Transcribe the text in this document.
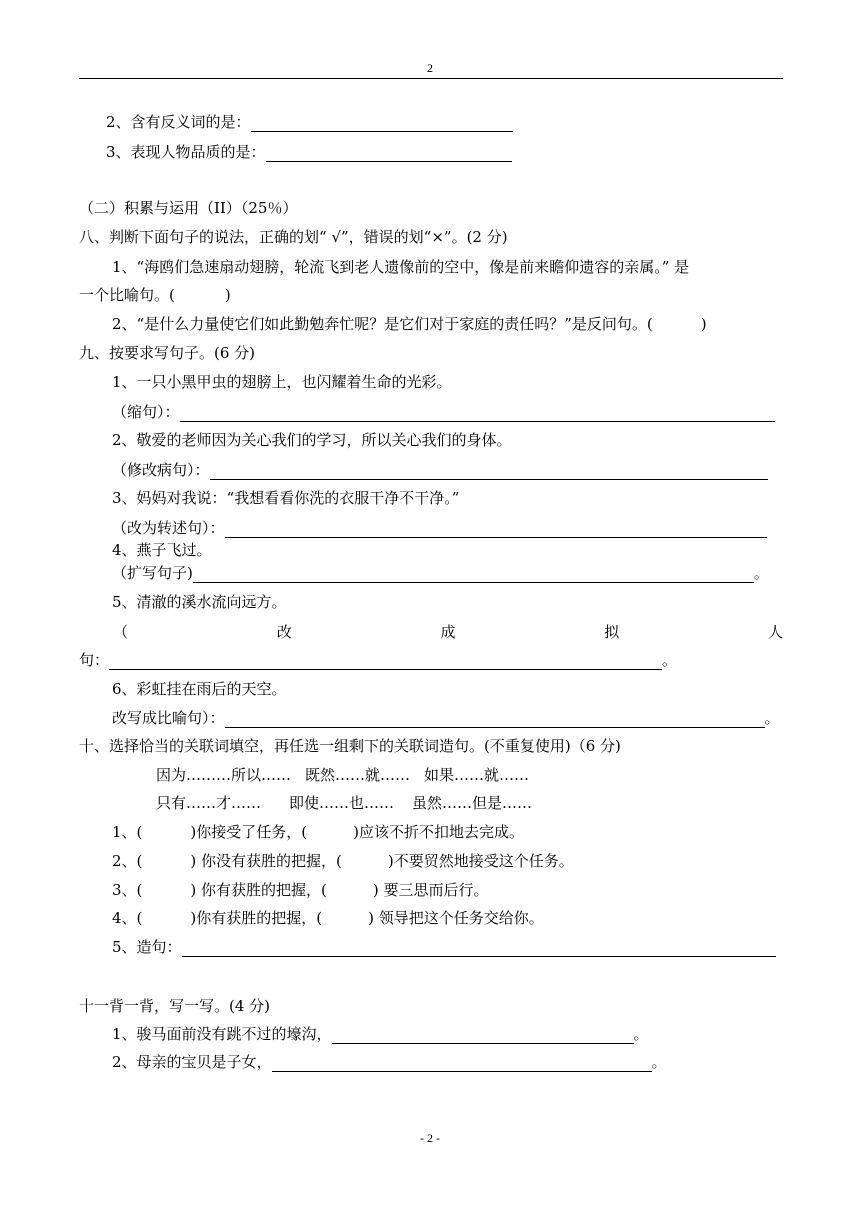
2
2、含有反义词的是：
3、表现人物品质的是：
（二）积累与运用（II）（25％）
八、判断下面句子的说法，正确的划“ √”，错误的划“×”。(2 分)
1、“海鸥们急速扇动翅膀，轮流飞到老人遗像前的空中，像是前来瞻仰遗容的亲属。” 是
一个比喻句。(	)
2、“是什么力量使它们如此勤勉奔忙呢？是它们对于家庭的责任吗？”是反问句。(	)
九、按要求写句子。(6 分)
1、一只小黑甲虫的翅膀上，也闪耀着生命的光彩。
（缩句）：
2、敬爱的老师因为关心我们的学习，所以关心我们的身体。
（修改病句）：
3、妈妈对我说：“我想看看你洗的衣服干净不干净。”
（改为转述句）：
4、燕子飞过。
（扩写句子)	。
5、清澈的溪水流向远方。
（	改	成	拟	人
句：	。
6、彩虹挂在雨后的天空。
改写成比喻句）：	。
十、选择恰当的关联词填空，再任选一组剩下的关联词造句。(不重复使用)（6 分)
因为………所以…… 既然……就…… 如果……就……
只有……才…… 即使……也…… 虽然……但是……
1、(	)你接受了任务，(	)应该不折不扣地去完成。
2、(	) 你没有获胜的把握，(	)不要贸然地接受这个任务。
3、(	) 你有获胜的把握，(	) 要三思而后行。
4、(	)你有获胜的把握，(	) 领导把这个任务交给你。
5、造句：
十一背一背，写一写。(4 分)
1、骏马面前没有跳不过的壕沟，	。
2、母亲的宝贝是子女，	。
- 2 -
